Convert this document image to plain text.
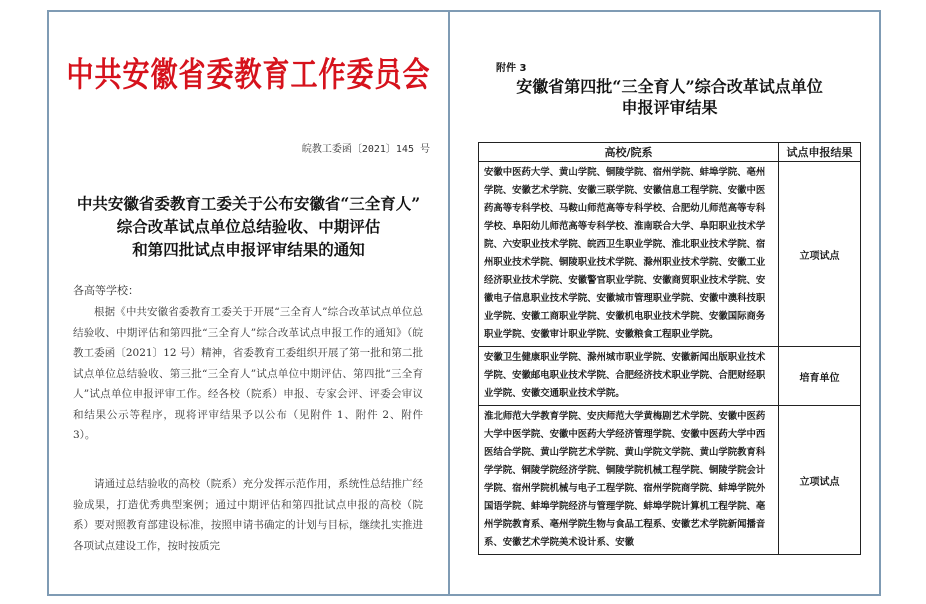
中共安徽省委教育工作委员会
皖教工委函〔2021〕145 号
中共安徽省委教育工委关于公布安徽省“三全育人”
综合改革试点单位总结验收、中期评估
和第四批试点申报评审结果的通知
各高等学校：
根据《中共安徽省委教育工委关于开展“三全育人”综合改革试点单位总结验收、中期评估和第四批“三全育人”综合改革试点申报工作的通知》（皖教工委函〔2021〕12 号）精神，省委教育工委组织开展了第一批和第二批试点单位总结验收、第三批“三全育人”试点单位中期评估、第四批“三全育人”试点单位申报评审工作。经各校（院系）申报、专家会评、评委会审议和结果公示等程序，现将评审结果予以公布（见附件 1、附件 2、附件 3）。
请通过总结验收的高校（院系）充分发挥示范作用，系统性总结推广经验成果，打造优秀典型案例；通过中期评估和第四批试点申报的高校（院系）要对照教育部建设标准，按照申请书确定的计划与目标，继续扎实推进各项试点建设工作，按时按质完
附件 3
安徽省第四批“三全育人”综合改革试点单位
申报评审结果
高校/院系	试点申报结果
安徽中医药大学、黄山学院、铜陵学院、宿州学院、蚌埠学院、亳州学院、安徽艺术学院、安徽三联学院、安徽信息工程学院、安徽中医药高等专科学校、马鞍山师范高等专科学校、合肥幼儿师范高等专科学校、阜阳幼儿师范高等专科学校、淮南联合大学、阜阳职业技术学院、六安职业技术学院、皖西卫生职业学院、淮北职业技术学院、宿州职业技术学院、铜陵职业技术学院、滁州职业技术学院、安徽工业经济职业技术学院、安徽警官职业学院、安徽商贸职业技术学院、安徽电子信息职业技术学院、安徽城市管理职业学院、安徽中澳科技职业学院、安徽工商职业学院、安徽机电职业技术学院、安徽国际商务职业学院、安徽审计职业学院、安徽粮食工程职业学院。	立项试点
安徽卫生健康职业学院、滁州城市职业学院、安徽新闻出版职业技术学院、安徽邮电职业技术学院、合肥经济技术职业学院、合肥财经职业学院、安徽交通职业技术学院。	培育单位
淮北师范大学教育学院、安庆师范大学黄梅剧艺术学院、安徽中医药大学中医学院、安徽中医药大学经济管理学院、安徽中医药大学中西医结合学院、黄山学院艺术学院、黄山学院文学院、黄山学院教育科学学院、铜陵学院经济学院、铜陵学院机械工程学院、铜陵学院会计学院、宿州学院机械与电子工程学院、宿州学院商学院、蚌埠学院外国语学院、蚌埠学院经济与管理学院、蚌埠学院计算机工程学院、亳州学院教育系、亳州学院生物与食品工程系、安徽艺术学院新闻播音系、安徽艺术学院美术设计系、安徽	立项试点
